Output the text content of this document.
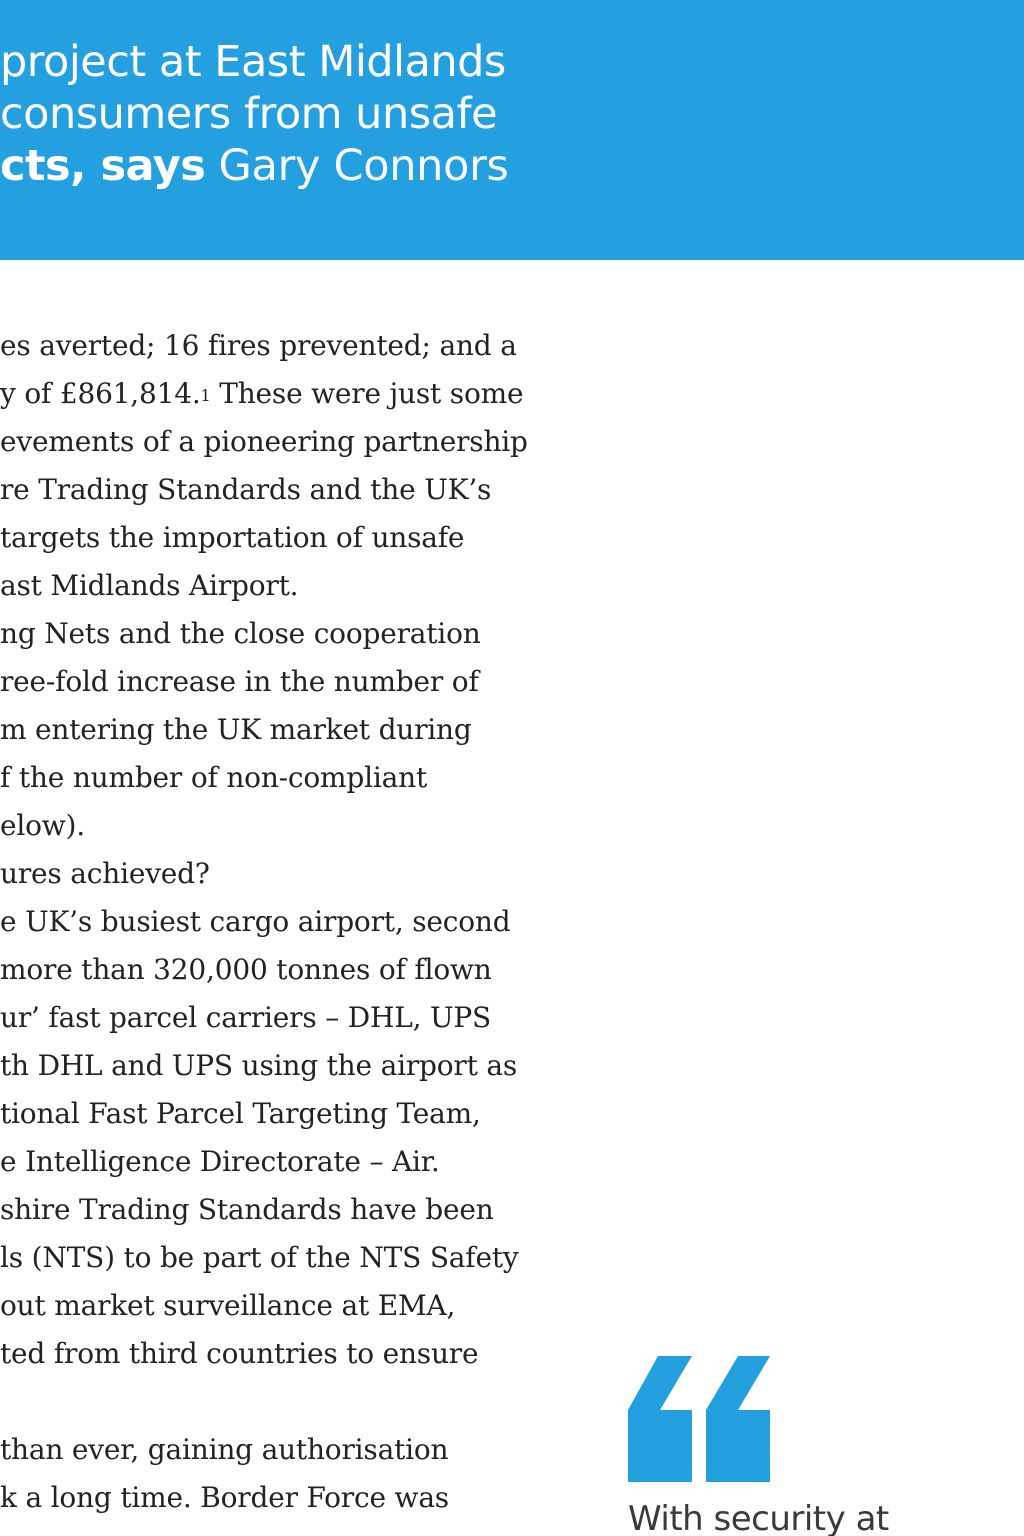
project at East Midlands
consumers from unsafe
cts, says Gary Connors
es averted; 16 fires prevented; and a
y of £861,814.$^1$ These were just some
evements of a pioneering partnership
re Trading Standards and the UK’s
targets the importation of unsafe
ast Midlands Airport.
ng Nets and the close cooperation
ree-fold increase in the number of
m entering the UK market during
f the number of non-compliant
elow).
ures achieved?
e UK’s busiest cargo airport, second
more than 320,000 tonnes of flown
ur’ fast parcel carriers – DHL, UPS
th DHL and UPS using the airport as
tional Fast Parcel Targeting Team,
e Intelligence Directorate – Air.
shire Trading Standards have been
ls (NTS) to be part of the NTS Safety
out market surveillance at EMA,
ted from third countries to ensure
than ever, gaining authorisation
k a long time. Border Force was

With security at
